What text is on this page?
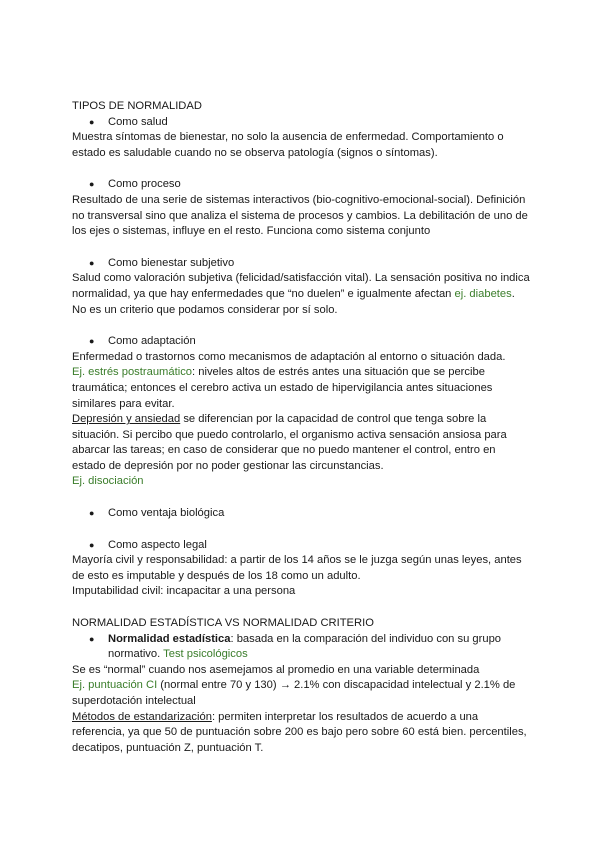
TIPOS DE NORMALIDAD

●	Como salud

Muestra síntomas de bienestar, no solo la ausencia de enfermedad. Comportamiento o estado es saludable cuando no se observa patología (signos o síntomas).

●	Como proceso

Resultado de una serie de sistemas interactivos (bio-cognitivo-emocional-social). Definición no transversal sino que analiza el sistema de procesos y cambios. La debilitación de uno de los ejes o sistemas, influye en el resto. Funciona como sistema conjunto

●	Como bienestar subjetivo

Salud como valoración subjetiva (felicidad/satisfacción vital). La sensación positiva no indica normalidad, ya que hay enfermedades que “no duelen” e igualmente afectan ej. diabetes.

No es un criterio que podamos considerar por sí solo.

●	Como adaptación

Enfermedad o trastornos como mecanismos de adaptación al entorno o situación dada.

Ej. estrés postraumático: niveles altos de estrés antes una situación que se percibe traumática; entonces el cerebro activa un estado de hipervigilancia antes situaciones similares para evitar.

Depresión y ansiedad se diferencian por la capacidad de control que tenga sobre la situación. Si percibo que puedo controlarlo, el organismo activa sensación ansiosa para abarcar las tareas; en caso de considerar que no puedo mantener el control, entro en estado de depresión por no poder gestionar las circunstancias.

Ej. disociación

●	Como ventaja biológica
●	Como aspecto legal

Mayoría civil y responsabilidad: a partir de los 14 años se le juzga según unas leyes, antes de esto es imputable y después de los 18 como un adulto.

Imputabilidad civil: incapacitar a una persona

NORMALIDAD ESTADÍSTICA VS NORMALIDAD CRITERIO

●	Normalidad estadística: basada en la comparación del individuo con su grupo normativo. Test psicológicos

Se es “normal” cuando nos asemejamos al promedio en una variable determinada

Ej. puntuación CI (normal entre 70 y 130) → 2.1% con discapacidad intelectual y 2.1% de superdotación intelectual

Métodos de estandarización: permiten interpretar los resultados de acuerdo a una referencia, ya que 50 de puntuación sobre 200 es bajo pero sobre 60 está bien. percentiles, decatipos, puntuación Z, puntuación T.
